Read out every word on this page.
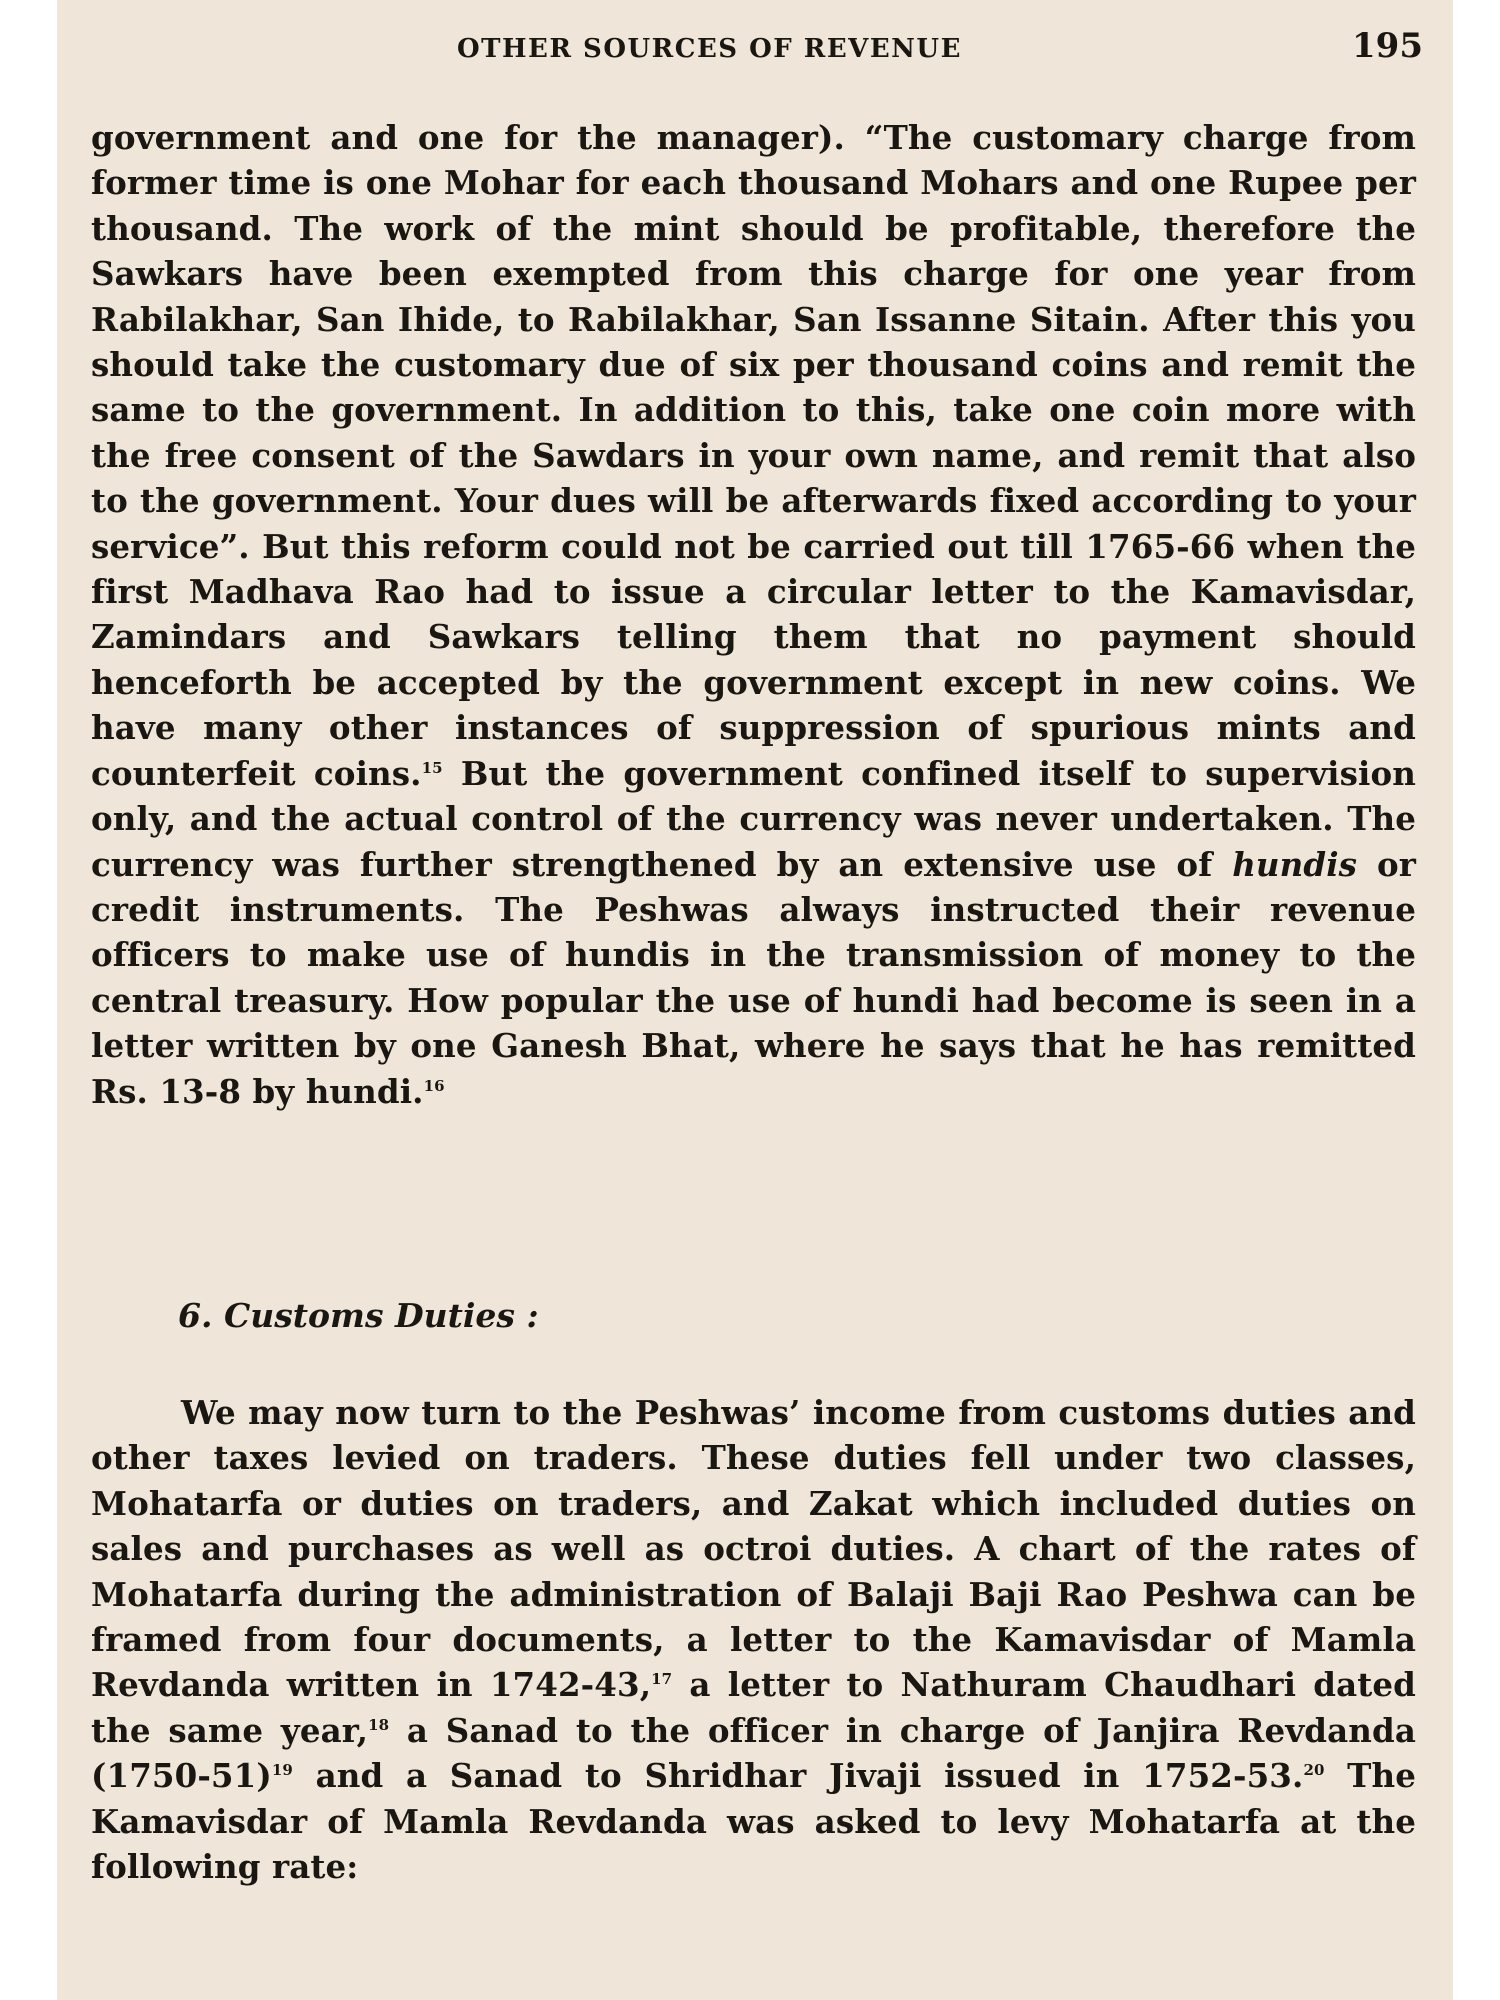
OTHER SOURCES OF REVENUE	195

government and one for the manager). “The customary charge from former time is one Mohar for each thousand Mohars and one Rupee per thousand. The work of the mint should be profitable, therefore the Sawkars have been exempted from this charge for one year from Rabilakhar, San Ihide, to Rabilakhar, San Issanne Sitain. After this you should take the customary due of six per thousand coins and remit the same to the government. In addition to this, take one coin more with the free consent of the Sawdars in your own name, and remit that also to the government. Your dues will be afterwards fixed according to your service”. But this reform could not be carried out till 1765-66 when the first Madhava Rao had to issue a circular letter to the Kamavisdar, Zamindars and Sawkars telling them that no payment should henceforth be accepted by the government except in new coins. We have many other instances of suppression of spurious mints and counterfeit coins.$^{15}$ But the government confined itself to supervision only, and the actual control of the currency was never undertaken. The currency was further strengthened by an extensive use of hundis or credit instruments. The Peshwas always instructed their revenue officers to make use of hundis in the transmission of money to the central treasury. How popular the use of hundi had become is seen in a letter written by one Ganesh Bhat, where he says that he has remitted Rs. 13-8 by hundi.$^{16}$

6. Customs Duties :

We may now turn to the Peshwas’ income from customs duties and other taxes levied on traders. These duties fell under two classes, Mohatarfa or duties on traders, and Zakat which included duties on sales and purchases as well as octroi duties. A chart of the rates of Mohatarfa during the administration of Balaji Baji Rao Peshwa can be framed from four documents, a letter to the Kamavisdar of Mamla Revdanda written in 1742-43,17 a letter to Nathuram Chaudhari dated the same year,$^{18}$ a Sanad to the officer in charge of Janjira Revdanda (1750-51)$^{19}$ and a Sanad to Shridhar Jivaji issued in 1752-53.20 The Kamavisdar of Mamla Revdanda was asked to levy Mohatarfa at the following rate:
